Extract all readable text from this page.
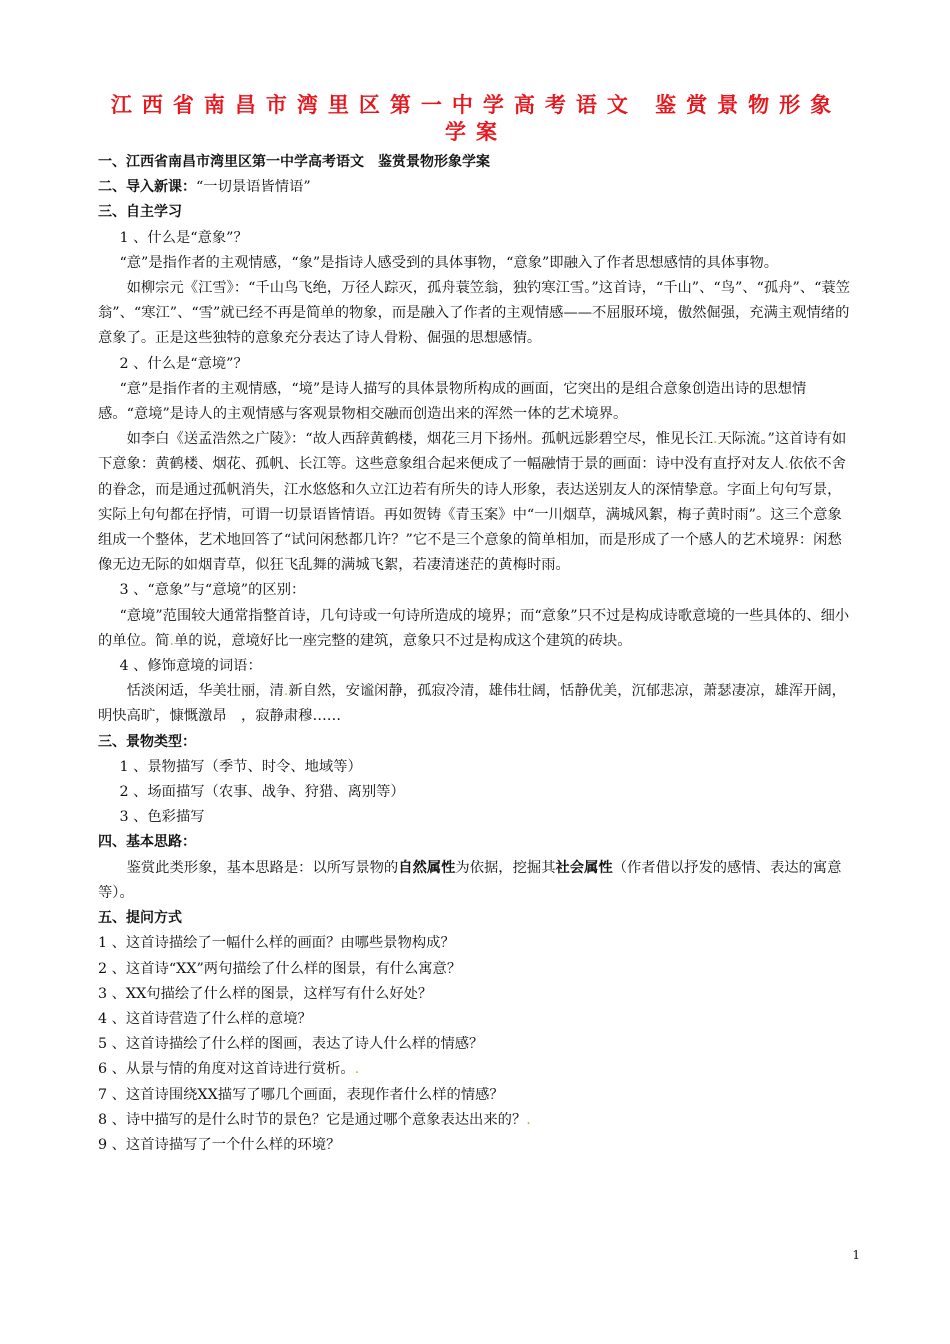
江西省南昌市湾里区第一中学高考语文 鉴赏景物形象学案

一、江西省南昌市湾里区第一中学高考语文　鉴赏景物形象学案

二、导入新课：“一切景语皆情语”

三、自主学习

1 、什么是“意象”？

“意”是指作者的主观情感，“象”是指诗人感受到的具体事物，“意象”即融入了作者思想感情的具体事物。

如柳宗元《江雪》：“千山鸟飞绝，万径人踪灭，孤舟蓑笠翁，独钓寒江雪。”这首诗，“千山”、“鸟”、“孤舟”、“蓑笠翁”、“寒江”、“雪”就已经不再是简单的物象，而是融入了作者的主观情感——不屈服环境，傲然倔强，充满主观情绪的意象了。正是这些独特的意象充分表达了诗人骨粉、倔强的思想感情。

2 、什么是“意境”？

“意”是指作者的主观情感，“境”是诗人描写的具体景物所构成的画面，它突出的是组合意象创造出诗的思想情感。“意境”是诗人的主观情感与客观景物相交融而创造出来的浑然一体的艺术境界。

如李白《送孟浩然之广陵》：“故人西辞黄鹤楼，烟花三月下扬州。孤帆远影碧空尽，惟见长江.天际流。”这首诗有如下意象：黄鹤楼、烟花、孤帆、长江等。这些意象组合起来便成了一幅融情于景的画面：诗中没有直抒对友人.依依不舍的眷念，而是通过孤帆消失，江水悠悠和久立江边若有所失的诗人形象，表达送别友人的深情挚意。字面上句句写景，实际上句句都在抒情，可谓一切景语皆情语。再如贺铸《青玉案》中“一川烟草，满城风絮，梅子黄时雨”。这三个意象组成一个整体，艺术地回答了“试问闲愁都几许？”它不是三个意象的简单相加，而是形成了一个感人的艺术境界：闲愁像无边无际的如烟青草，似狂飞乱舞的满城飞絮，若凄清迷茫的黄梅时雨。

3 、“意象”与“意境”的区别：

“意境”范围较大通常指整首诗，几句诗或一句诗所造成的境界；而“意象”只不过是构成诗歌意境的一些具体的、细小的单位。简.单的说，意境好比一座完整的建筑，意象只不过是构成这个建筑的砖块。

4 、修饰意境的词语：

恬淡闲适，华美壮丽，清.新自然，安谧闲静，孤寂冷清，雄伟壮阔，恬静优美，沉郁悲凉，萧瑟凄凉，雄浑开阔，明快高旷，慷慨激昂　，寂静肃穆……

三、景物类型：

1 、景物描写（季节、时令、地域等）

2 、场面描写（农事、战争、狩猎、离别等）

3 、色彩描写

四、基本思路：

鉴赏此类形象，基本思路是：以所写景物的自然属性为依据，挖掘其社会属性（作者借以抒发的感情、表达的寓意等）。

五、提问方式

1 、这首诗描绘了一幅什么样的画面？由哪些景物构成？

2 、这首诗“XX”两句描绘了什么样的图景，有什么寓意？

3 、XX句描绘了什么样的图景，这样写有什么好处？

4 、这首诗营造了什么样的意境？

5 、这首诗描绘了什么样的图画，表达了诗人什么样的情感？

6 、从景与情的角度对这首诗进行赏析。.

7 、这首诗围绕XX描写了哪几个画面，表现作者什么样的情感？

8 、诗中描写的是什么时节的景色？它是通过哪个意象表达出来的？.

9 、这首诗描写了一个什么样的环境？

1
